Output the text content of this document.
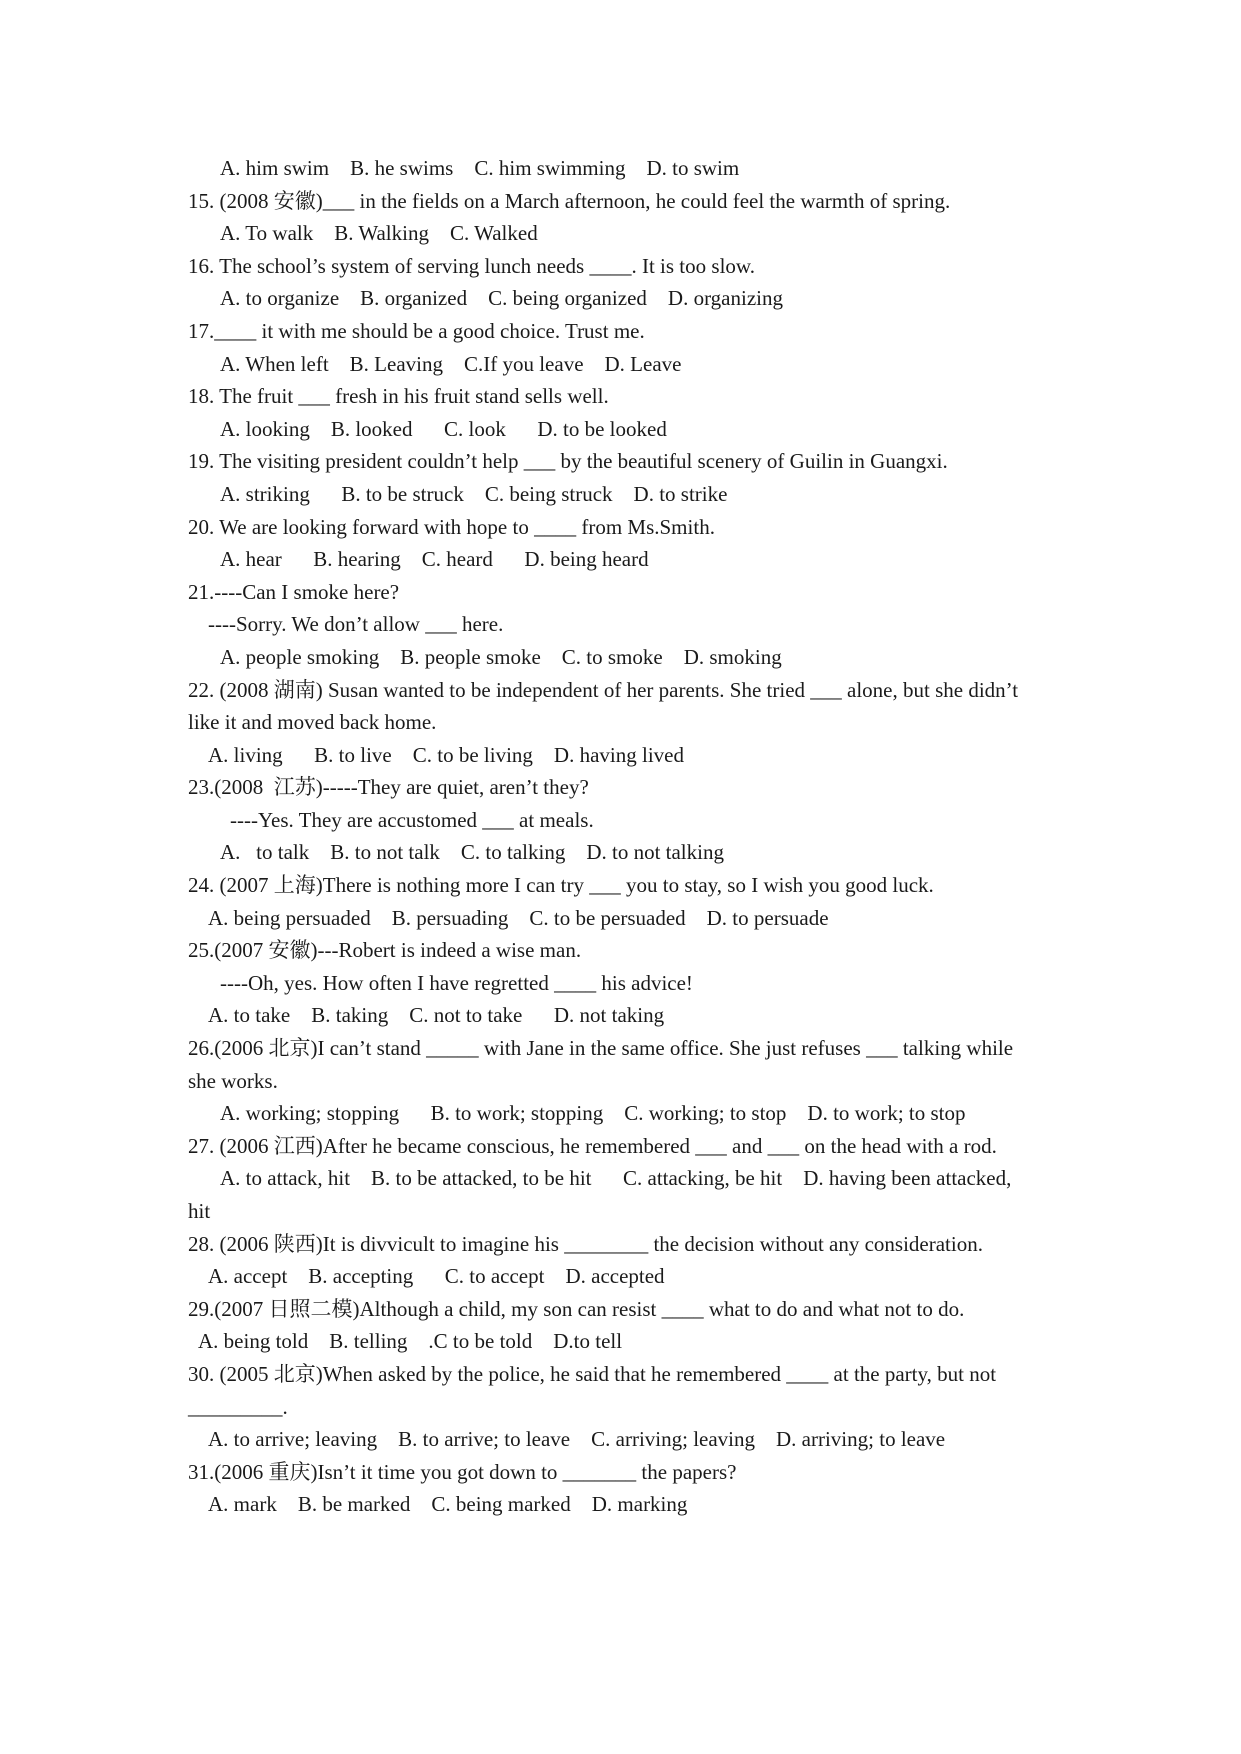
A. him swim    B. he swims    C. him swimming    D. to swim
15. (2008 安徽)___ in the fields on a March afternoon, he could feel the warmth of spring.
A. To walk    B. Walking    C. Walked
16. The school’s system of serving lunch needs ____. It is too slow.
A. to organize    B. organized    C. being organized    D. organizing
17.____ it with me should be a good choice. Trust me.
A. When left    B. Leaving    C.If you leave    D. Leave
18. The fruit ___ fresh in his fruit stand sells well.
A. looking    B. looked      C. look      D. to be looked
19. The visiting president couldn’t help ___ by the beautiful scenery of Guilin in Guangxi.
A. striking      B. to be struck    C. being struck    D. to strike
20. We are looking forward with hope to ____ from Ms.Smith.
A. hear      B. hearing    C. heard      D. being heard
21.----Can I smoke here?
----Sorry. We don’t allow ___ here.
A. people smoking    B. people smoke    C. to smoke    D. smoking
22. (2008 湖南) Susan wanted to be independent of her parents. She tried ___ alone, but she didn’t
like it and moved back home.
A. living      B. to live    C. to be living    D. having lived
23.(2008  江苏)-----They are quiet, aren’t they?
----Yes. They are accustomed ___ at meals.
A.   to talk    B. to not talk    C. to talking    D. to not talking
24. (2007 上海)There is nothing more I can try ___ you to stay, so I wish you good luck.
A. being persuaded    B. persuading    C. to be persuaded    D. to persuade
25.(2007 安徽)---Robert is indeed a wise man.
----Oh, yes. How often I have regretted ____ his advice!
A. to take    B. taking    C. not to take      D. not taking
26.(2006 北京)I can’t stand _____ with Jane in the same office. She just refuses ___ talking while
she works.
A. working; stopping      B. to work; stopping    C. working; to stop    D. to work; to stop
27. (2006 江西)After he became conscious, he remembered ___ and ___ on the head with a rod.
A. to attack, hit    B. to be attacked, to be hit      C. attacking, be hit    D. having been attacked,
hit
28. (2006 陕西)It is divvicult to imagine his ________ the decision without any consideration.
A. accept    B. accepting      C. to accept    D. accepted
29.(2007 日照二模)Although a child, my son can resist ____ what to do and what not to do.
A. being told    B. telling    .C to be told    D.to tell
30. (2005 北京)When asked by the police, he said that he remembered ____ at the party, but not
_________.
A. to arrive; leaving    B. to arrive; to leave    C. arriving; leaving    D. arriving; to leave
31.(2006 重庆)Isn’t it time you got down to _______ the papers?
A. mark    B. be marked    C. being marked    D. marking
